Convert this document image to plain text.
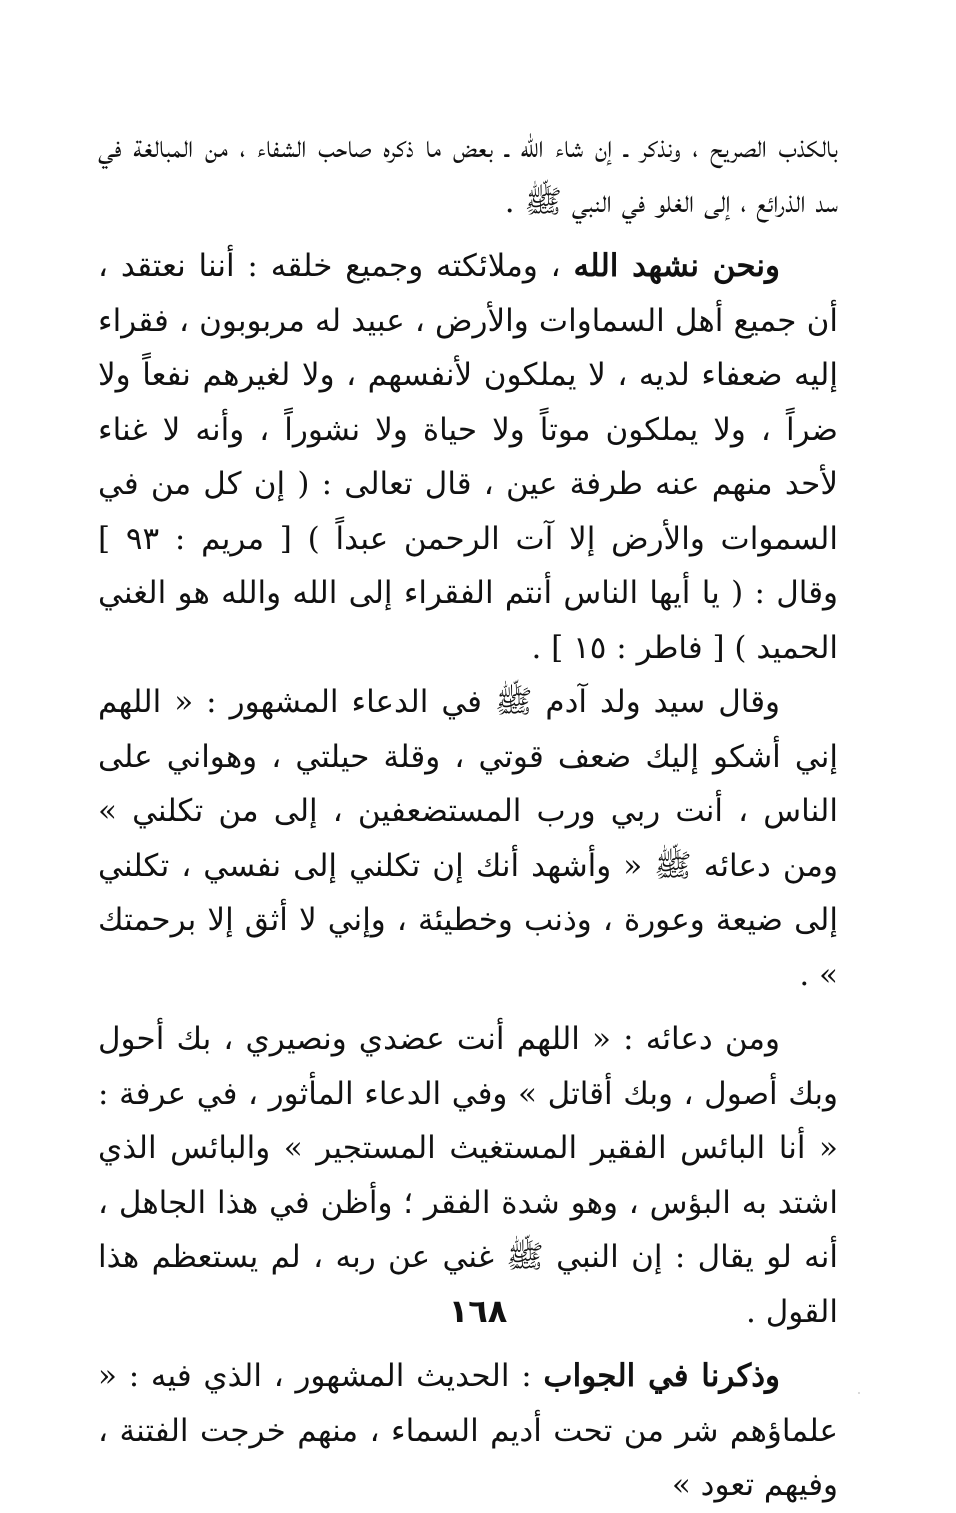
بالكذب الصريح ، ونذكر ـ إن شاء الله ـ بعض ما ذكره صاحب الشفاء ، من المبالغة في سد الذرائع ، إلى الغلو في النبي ﷺ .

ونحن نشهد الله ، وملائكته وجميع خلقه : أننا نعتقد ، أن جميع أهل السماوات والأرض ، عبيد له مربوبون ، فقراء إليه ضعفاء لديه ، لا يملكون لأنفسهم ، ولا لغيرهم نفعاً ولا ضراً ، ولا يملكون موتاً ولا حياة ولا نشوراً ، وأنه لا غناء لأحد منهم عنه طرفة عين ، قال تعالى : ( إن كل من في السموات والأرض إلا آت الرحمن عبداً ) [ مريم : ٩٣ ] وقال : ( يا أيها الناس أنتم الفقراء إلى الله والله هو الغني الحميد ) [ فاطر : ١٥ ] .

وقال سيد ولد آدم ﷺ في الدعاء المشهور : « اللهم إني أشكو إليك ضعف قوتي ، وقلة حيلتي ، وهواني على الناس ، أنت ربي ورب المستضعفين ، إلى من تكلني » ومن دعائه ﷺ « وأشهد أنك إن تكلني إلى نفسي ، تكلني إلى ضيعة وعورة ، وذنب وخطيئة ، وإني لا أثق إلا برحمتك » .

ومن دعائه : « اللهم أنت عضدي ونصيري ، بك أحول وبك أصول ، وبك أقاتل » وفي الدعاء المأثور ، في عرفة : « أنا البائس الفقير المستغيث المستجير » والبائس الذي اشتد به البؤس ، وهو شدة الفقر ؛ وأظن في هذا الجاهل ، أنه لو يقال : إن النبي ﷺ غني عن ربه ، لم يستعظم هذا القول .

وذكرنا في الجواب : الحديث المشهور ، الذي فيه : « علماؤهم شر من تحت أديم السماء ، منهم خرجت الفتنة ، وفيهم تعود »

١٦٨
